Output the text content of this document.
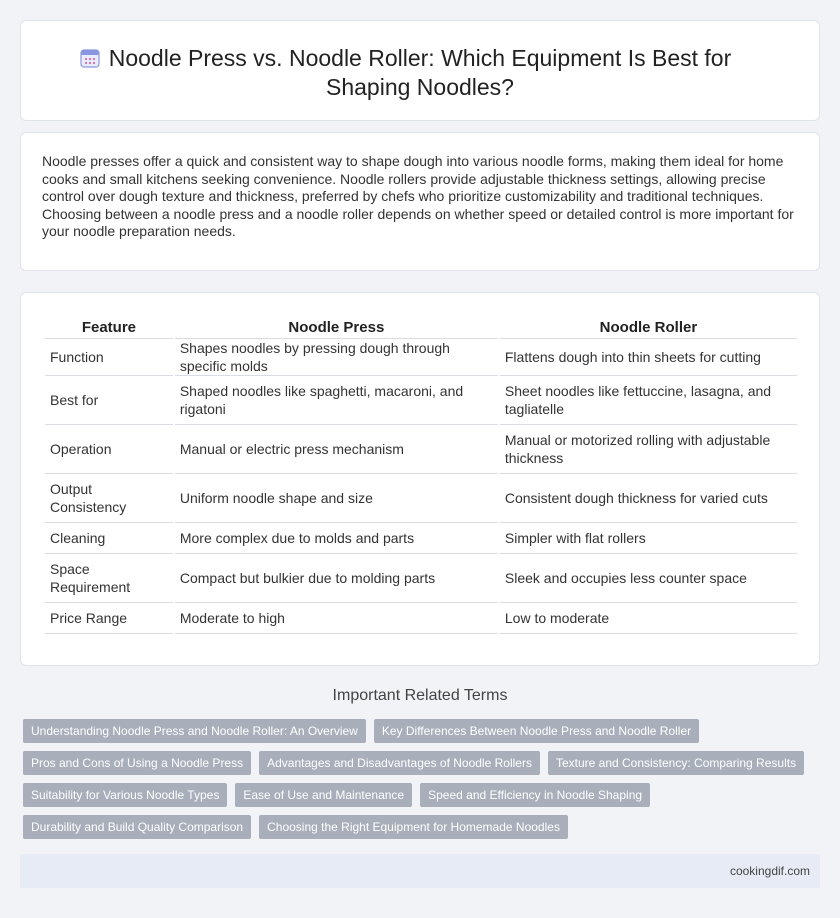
Noodle Press vs. Noodle Roller: Which Equipment Is Best for Shaping Noodles?

Noodle presses offer a quick and consistent way to shape dough into various noodle forms, making them ideal for home cooks and small kitchens seeking convenience. Noodle rollers provide adjustable thickness settings, allowing precise control over dough texture and thickness, preferred by chefs who prioritize customizability and traditional techniques. Choosing between a noodle press and a noodle roller depends on whether speed or detailed control is more important for your noodle preparation needs.

Feature	Noodle Press	Noodle Roller
Function	Shapes noodles by pressing dough through specific molds	Flattens dough into thin sheets for cutting
Best for	Shaped noodles like spaghetti, macaroni, and rigatoni	Sheet noodles like fettuccine, lasagna, and tagliatelle
Operation	Manual or electric press mechanism	Manual or motorized rolling with adjustable thickness
Output Consistency	Uniform noodle shape and size	Consistent dough thickness for varied cuts
Cleaning	More complex due to molds and parts	Simpler with flat rollers
Space Requirement	Compact but bulkier due to molding parts	Sleek and occupies less counter space
Price Range	Moderate to high	Low to moderate
Important Related Terms
Understanding Noodle Press and Noodle Roller: An Overview	Key Differences Between Noodle Press and Noodle Roller
Pros and Cons of Using a Noodle Press	Advantages and Disadvantages of Noodle Rollers	Texture and Consistency: Comparing Results
Suitability for Various Noodle Types	Ease of Use and Maintenance	Speed and Efficiency in Noodle Shaping
Durability and Build Quality Comparison	Choosing the Right Equipment for Homemade Noodles
cookingdif.com
